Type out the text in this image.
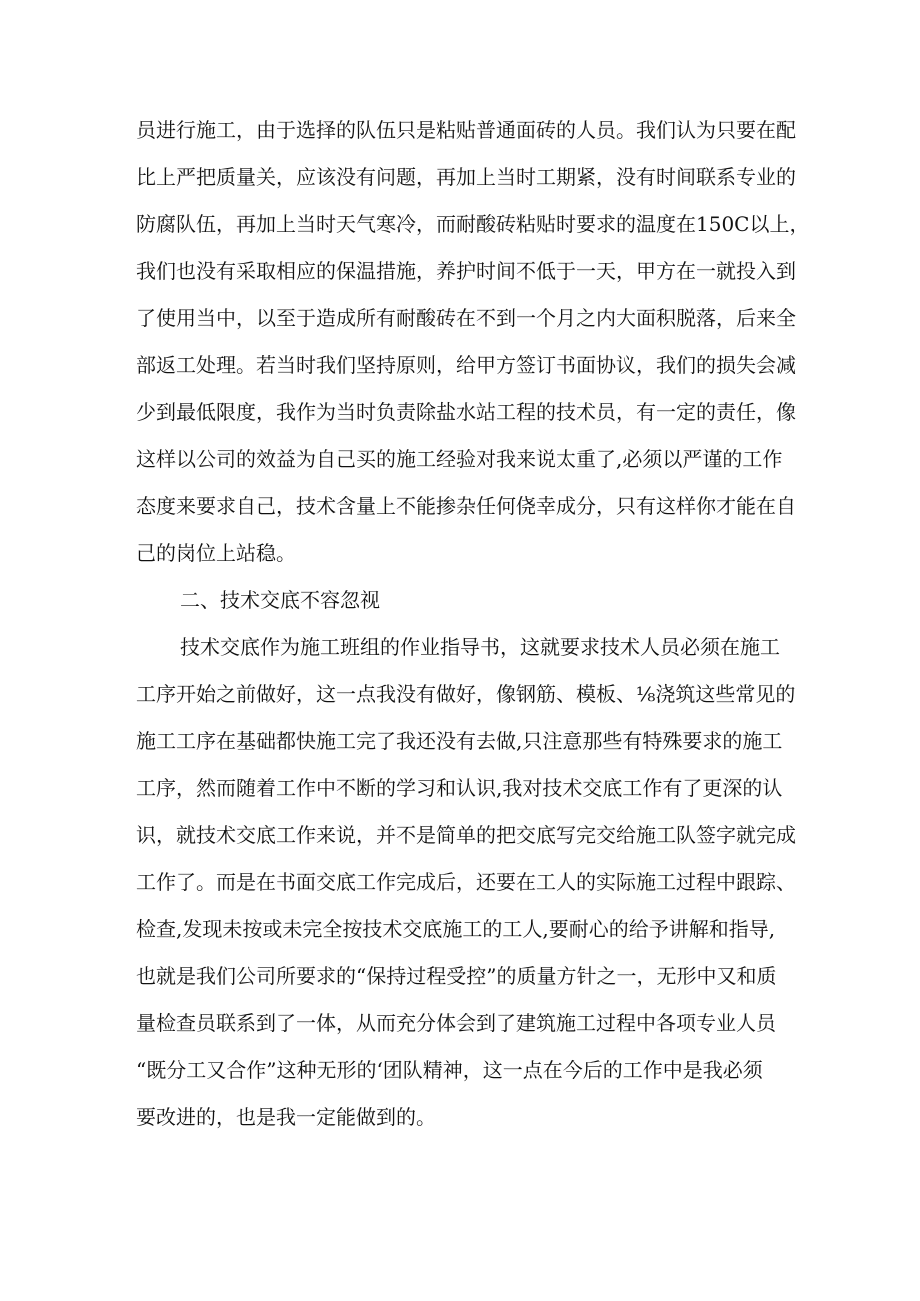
员进行施工，由于选择的队伍只是粘贴普通面砖的人员。我们认为只要在配
比上严把质量关，应该没有问题，再加上当时工期紧，没有时间联系专业的
防腐队伍，再加上当时天气寒冷，而耐酸砖粘贴时要求的温度在150C以上，
我们也没有采取相应的保温措施，养护时间不低于一天，甲方在一就投入到
了使用当中，以至于造成所有耐酸砖在不到一个月之内大面积脱落，后来全
部返工处理。若当时我们坚持原则，给甲方签订书面协议，我们的损失会减
少到最低限度，我作为当时负责除盐水站工程的技术员，有一定的责任，像
这样以公司的效益为自己买的施工经验对我来说太重了,必须以严谨的工作
态度来要求自己，技术含量上不能掺杂任何侥幸成分，只有这样你才能在自
己的岗位上站稳。
二、技术交底不容忽视
技术交底作为施工班组的作业指导书，这就要求技术人员必须在施工
工序开始之前做好，这一点我没有做好，像钢筋、模板、⅛浇筑这些常见的
施工工序在基础都快施工完了我还没有去做,只注意那些有特殊要求的施工
工序，然而随着工作中不断的学习和认识,我对技术交底工作有了更深的认
识，就技术交底工作来说，并不是简单的把交底写完交给施工队签字就完成
工作了。而是在书面交底工作完成后，还要在工人的实际施工过程中跟踪、
检查,发现未按或未完全按技术交底施工的工人,要耐心的给予讲解和指导,
也就是我们公司所要求的“保持过程受控”的质量方针之一，无形中又和质
量检查员联系到了一体，从而充分体会到了建筑施工过程中各项专业人员
“既分工又合作”这种无形的‘团队精神，这一点在今后的工作中是我必须
要改进的，也是我一定能做到的。
